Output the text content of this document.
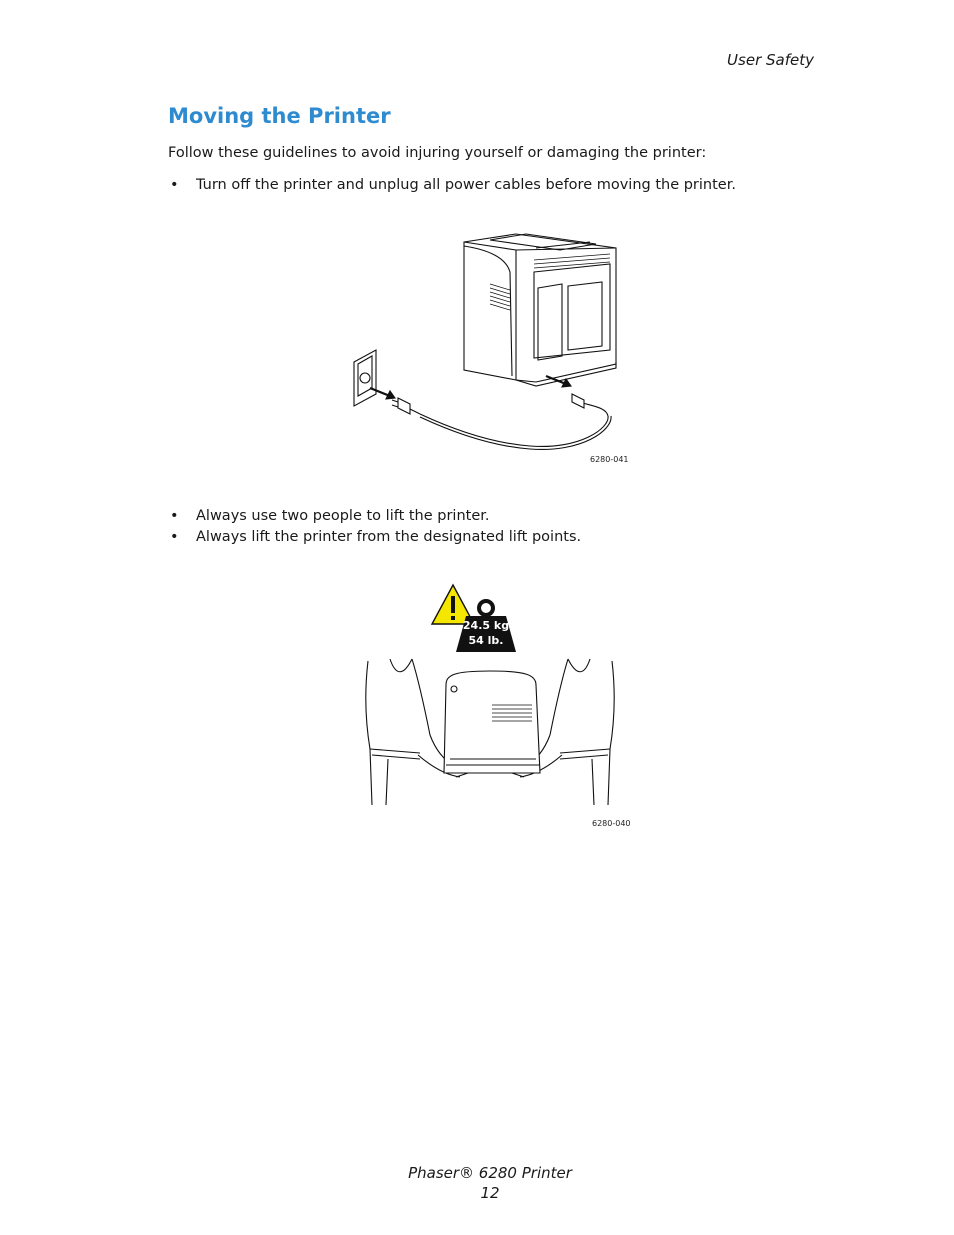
User Safety
Moving the Printer

Follow these guidelines to avoid injuring yourself or damaging the printer:

• Turn off the printer and unplug all power cables before moving the printer.
6280-041
• Always use two people to lift the printer.
• Always lift the printer from the designated lift points.
24.5 kg
54 lb.
6280-040
Phaser® 6280 Printer
12
